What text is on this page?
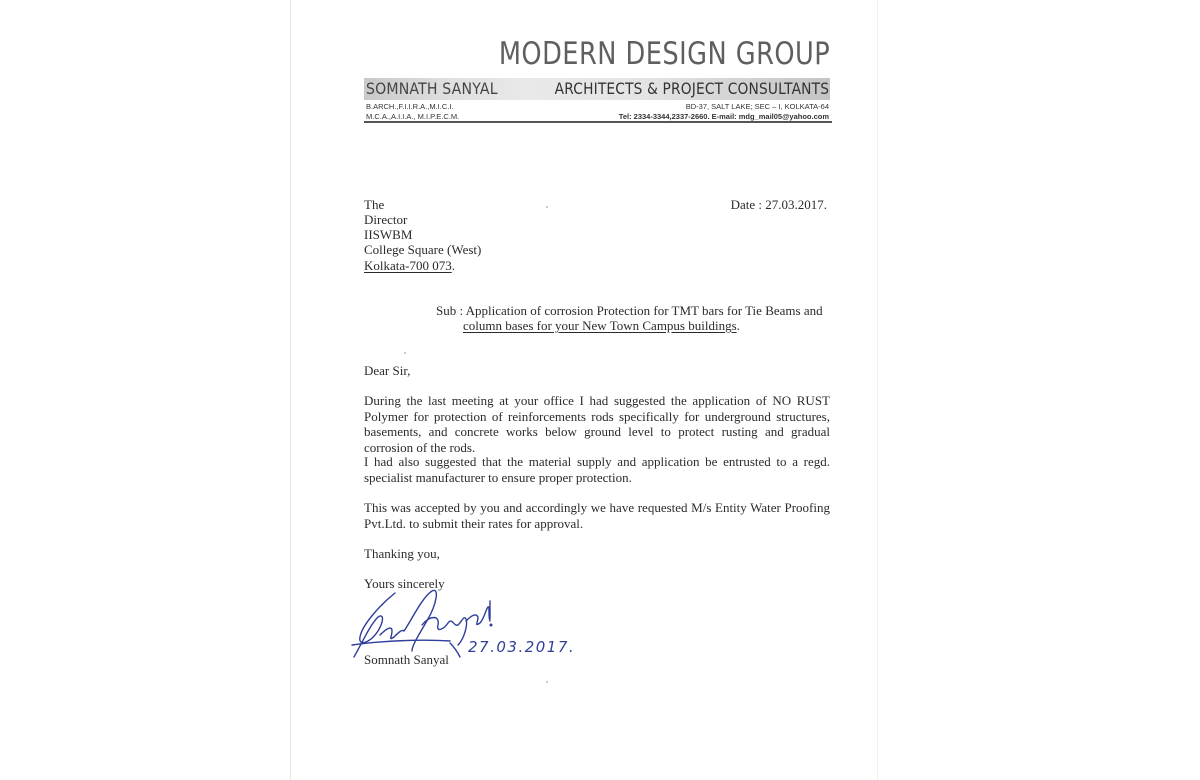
MODERN DESIGN GROUP
SOMNATH SANYAL	ARCHITECTS & PROJECT CONSULTANTS
B.ARCH.,F.I.I.R.A.,M.I.C.I.
M.C.A.,A.I.I.A., M.I.P.E.C.M.
BD-37, SALT LAKE; SEC – I, KOLKATA-64
Tel: 2334-3344,2337-2660. E-mail: mdg_mail05@yahoo.com
The
Director
IISWBM
College Square (West)
Kolkata-700 073.
Date : 27.03.2017.
Sub : Application of corrosion Protection for TMT bars for Tie Beams and
column bases for your New Town Campus buildings.
Dear Sir,
During the last meeting at your office I had suggested the application of NO RUST Polymer for protection of reinforcements rods specifically for underground structures, basements, and concrete works below ground level to protect rusting and gradual corrosion of the rods.
I had also suggested that the material supply and application be entrusted to a regd. specialist manufacturer to ensure proper protection.
This was accepted by you and accordingly we have requested M/s Entity Water Proofing Pvt.Ltd. to submit their rates for approval.
Thanking you,
Yours sincerely
27.03.2017.
Somnath Sanyal
